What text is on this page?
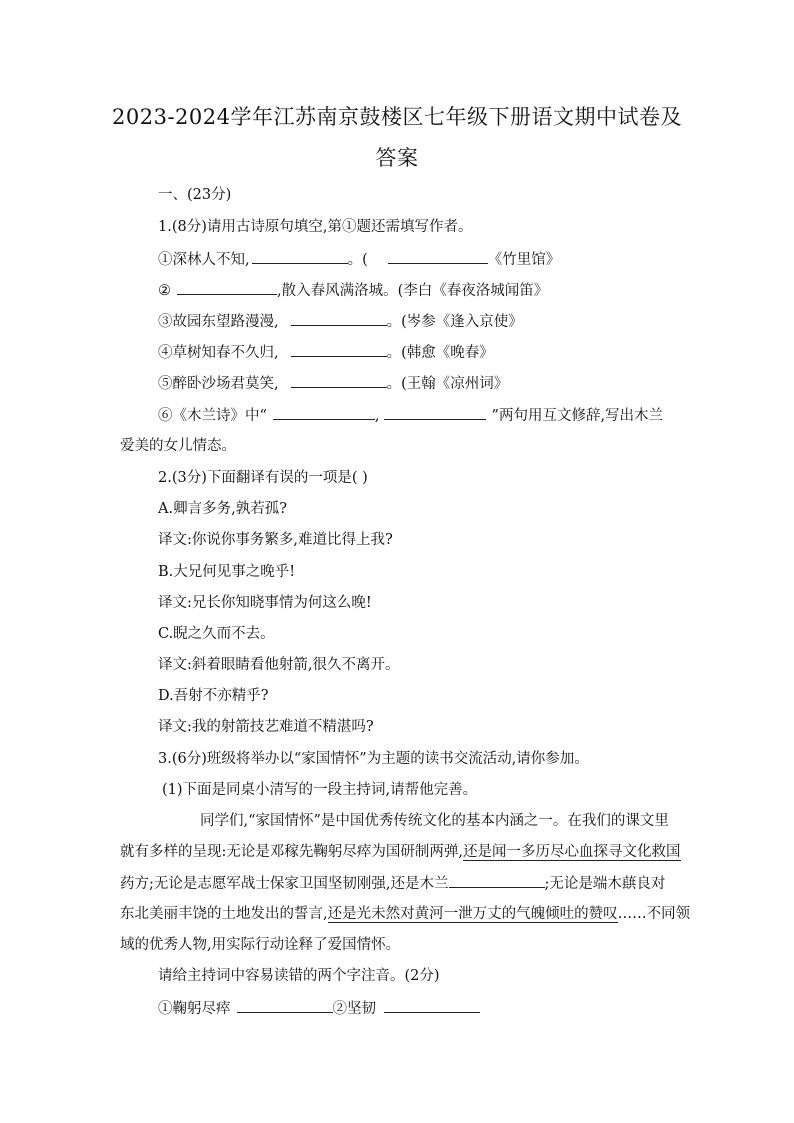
2023-2024学年江苏南京鼓楼区七年级下册语文期中试卷及
答案
一、(23分)
1.(8分)请用古诗原句填空,第①题还需填写作者。
①深林人不知,	。(	《竹里馆》
②	,散入春风满洛城。(李白《春夜洛城闻笛》
③故园东望路漫漫,	。(岑参《逢入京使》
④草树知春不久归,	。(韩愈《晚春》
⑤醉卧沙场君莫笑,	。(王翰《凉州词》
⑥《木兰诗》中“	,	”两句用互文修辞,写出木兰
爱美的女儿情态。
2.(3分)下面翻译有误的一项是( )
A.卿言多务,孰若孤?
译文:你说你事务繁多,难道比得上我?
B.大兄何见事之晚乎!
译文:兄长你知晓事情为何这么晚!
C.睨之久而不去。
译文:斜着眼睛看他射箭,很久不离开。
D.吾射不亦精乎?
译文:我的射箭技艺难道不精湛吗?
3.(6分)班级将举办以“家国情怀”为主题的读书交流活动,请你参加。
(1)下面是同桌小清写的一段主持词,请帮他完善。
同学们,“家国情怀”是中国优秀传统文化的基本内涵之一。在我们的课文里
就有多样的呈现:无论是邓稼先鞠躬尽瘁为国研制两弹,还是闻一多历尽心血探寻文化救国
药方;无论是志愿军战士保家卫国坚韧刚强,还是木兰	;无论是端木蕻良对
东北美丽丰饶的土地发出的誓言,还是光未然对黄河一泄万丈的气魄倾吐的赞叹……不同领
域的优秀人物,用实际行动诠释了爱国情怀。
请给主持词中容易读错的两个字注音。(2分)
①鞠躬尽瘁	②坚韧
